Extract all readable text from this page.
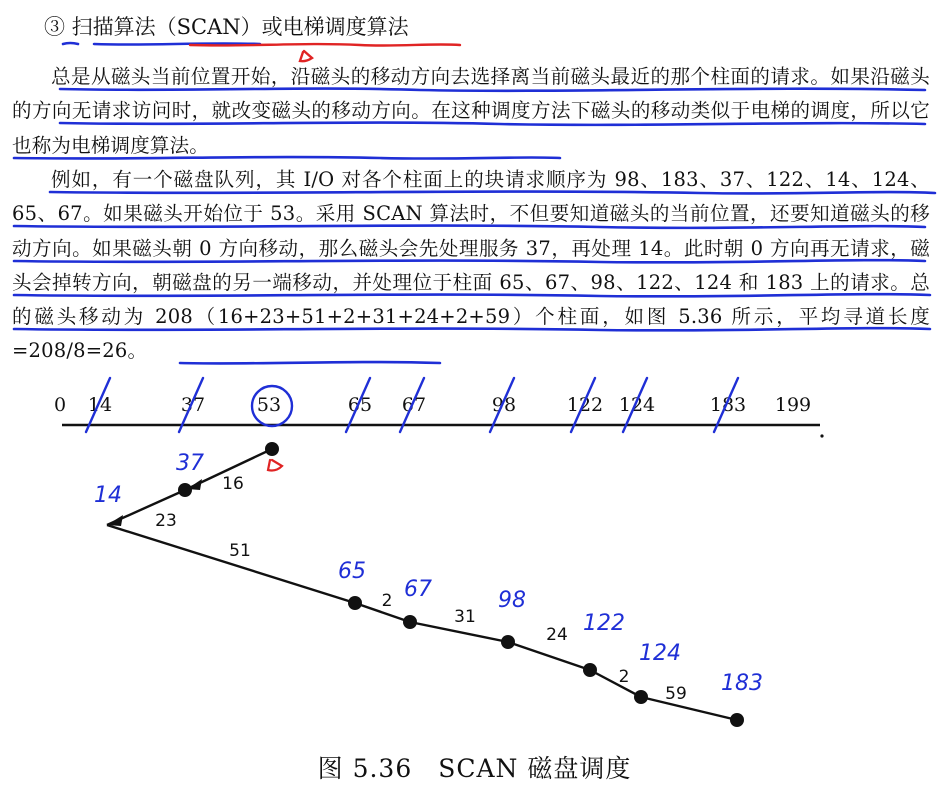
③ 扫描算法（SCAN）或电梯调度算法

总是从磁头当前位置开始，沿磁头的移动方向去选择离当前磁头最近的那个柱面的请求。如果沿磁头的方向无请求访问时，就改变磁头的移动方向。在这种调度方法下磁头的移动类似于电梯的调度，所以它也称为电梯调度算法。

例如，有一个磁盘队列，其 I/O 对各个柱面上的块请求顺序为 98、183、37、122、14、124、65、67。如果磁头开始位于 53。采用 SCAN 算法时，不但要知道磁头的当前位置，还要知道磁头的移动方向。如果磁头朝 0 方向移动，那么磁头会先处理服务 37，再处理 14。此时朝 0 方向再无请求，磁头会掉转方向，朝磁盘的另一端移动，并处理位于柱面 65、67、98、122、124 和 183 上的请求。总的磁头移动为 208（16+23+51+2+31+24+2+59）个柱面，如图 5.36 所示，平均寻道长度=208/8=26。

0 14	37	53	65 67	98	122 124	183 199
16
23
51
2
31
24
2
59
37
14
65
67	98
122
124
183

图 5.36　SCAN 磁盘调度
